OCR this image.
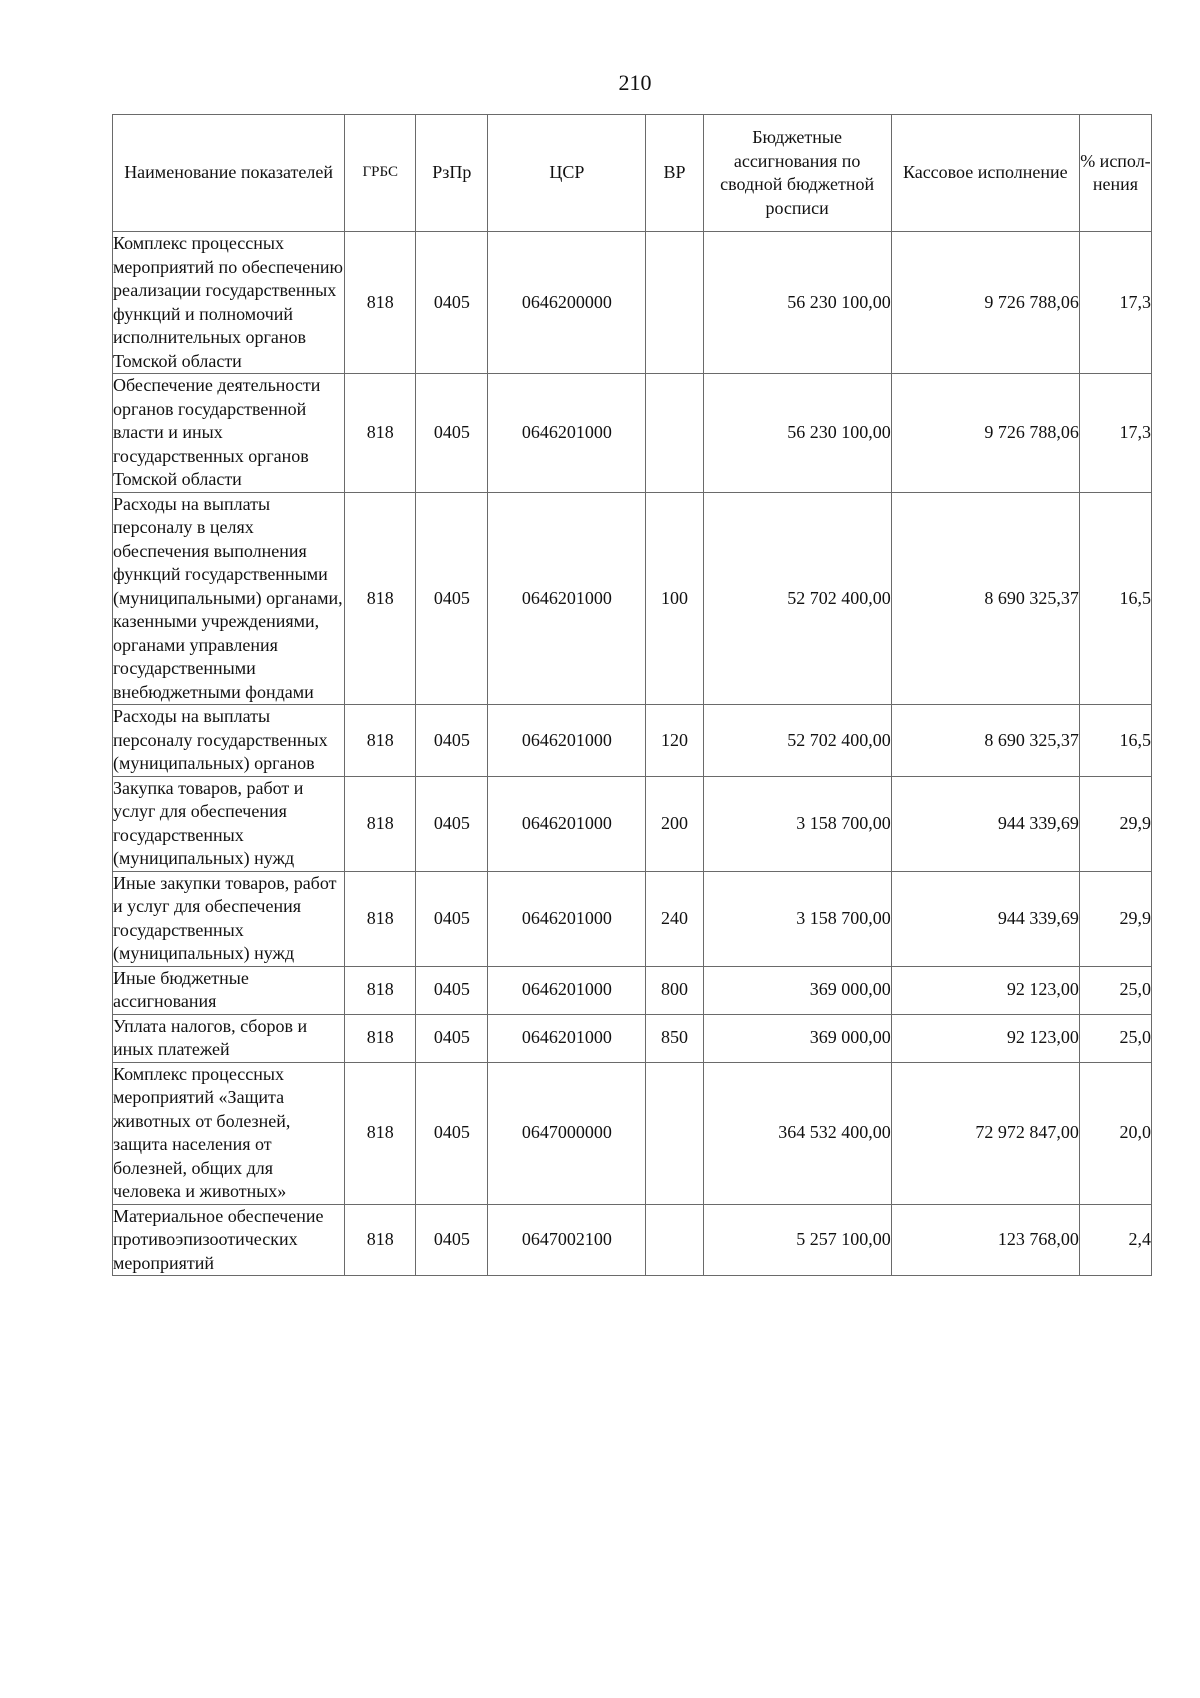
210
Наименование показателей	ГРБС	РзПр	ЦСР	ВР	Бюджетные ассигнования по сводной бюджетной росписи	Кассовое исполнение	% испол-нения
Комплекс процессных мероприятий по обеспечению реализации государственных функций и полномочий исполнительных органов Томской области	818	0405	0646200000		56 230 100,00	9 726 788,06	17,3
Обеспечение деятельности органов государственной власти и иных государственных органов Томской области	818	0405	0646201000		56 230 100,00	9 726 788,06	17,3
Расходы на выплаты персоналу в целях обеспечения выполнения функций государственными (муниципальными) органами, казенными учреждениями, органами управления государственными внебюджетными фондами	818	0405	0646201000	100	52 702 400,00	8 690 325,37	16,5
Расходы на выплаты персоналу государственных (муниципальных) органов	818	0405	0646201000	120	52 702 400,00	8 690 325,37	16,5
Закупка товаров, работ и услуг для обеспечения государственных (муниципальных) нужд	818	0405	0646201000	200	3 158 700,00	944 339,69	29,9
Иные закупки товаров, работ и услуг для обеспечения государственных (муниципальных) нужд	818	0405	0646201000	240	3 158 700,00	944 339,69	29,9
Иные бюджетные ассигнования	818	0405	0646201000	800	369 000,00	92 123,00	25,0
Уплата налогов, сборов и иных платежей	818	0405	0646201000	850	369 000,00	92 123,00	25,0
Комплекс процессных мероприятий «Защита животных от болезней, защита населения от болезней, общих для человека и животных»	818	0405	0647000000		364 532 400,00	72 972 847,00	20,0
Материальное обеспечение противоэпизоотических мероприятий	818	0405	0647002100		5 257 100,00	123 768,00	2,4
